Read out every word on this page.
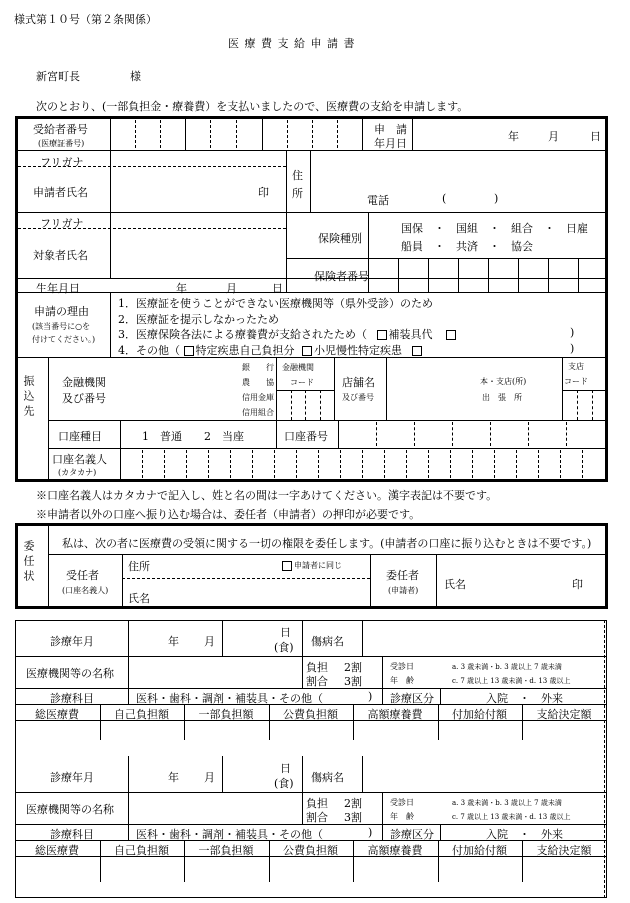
様式第１０号（第２条関係）
医 療 費 支 給 申 請 書
新宮町長	様
次のとおり、(一部負担金・療養費）を支払いましたので、医療費の支給を申請します。
受給者番号
(医療証番号)
申　請
年月日
年	月	日
フリガナ
申請者氏名	印
住
所
電話	(	)
フリガナ
対象者氏名
保険種別
国保　・　国組　・　組合　・　日雇
船員　・　共済　・　協会
保険者番号
生年月日	年	月	日
申請の理由
(該当番号に○を
付けてください。)
1．医療証を使うことができない医療機関等（県外受診）のため
2．医療証を提示しなかったため
3．医療保険各法による療養費が支給されたため（ 補装具代	)
4．その他（ 特定疾患自己負担分 小児慢性特定疾患	)
振込先 金融機関
及び番号
銀　　行
農　　協
信用金庫
信用組合
金融機関
コード	店舗名
及び番号
本・支店(所)
出　張　所
支店
コード
口座種目	1　普通　　2　当座	口座番号
口座名義人
(カタカナ)
※口座名義人はカタカナで記入し、姓と名の間は一字あけてください。漢字表記は不要です。
※申請者以外の口座へ振り込む場合は、委任者（申請者）の押印が必要です。
委任状 私は、次の者に医療費の受領に関する一切の権限を委任します。(申請者の口座に振り込むときは不要です。)
受任者
(口座名義人)
住所	申請者に同じ
氏名
委任者
(申請者) 氏名	印
診療年月	年 月
日
(食) 傷病名
医療機関等の名称	負担
割合
2割
3割
受診日
年　齢
a. 3 歳未満・b. 3 歳以上 7 歳未満
c. 7 歳以上 13 歳未満・d. 13 歳以上
診療科目	医科・歯科・調剤・補装具・その他（	) 診療区分	入院　・　外来
総医療費	自己負担額	一部負担額	公費負担額	高額療養費	付加給付額	支給決定額
診療年月	年 月
日
(食) 傷病名
医療機関等の名称	負担
割合
2割
3割
受診日
年　齢
a. 3 歳未満・b. 3 歳以上 7 歳未満
c. 7 歳以上 13 歳未満・d. 13 歳以上
診療科目	医科・歯科・調剤・補装具・その他（	) 診療区分	入院　・　外来
総医療費	自己負担額	一部負担額	公費負担額	高額療養費	付加給付額	支給決定額
